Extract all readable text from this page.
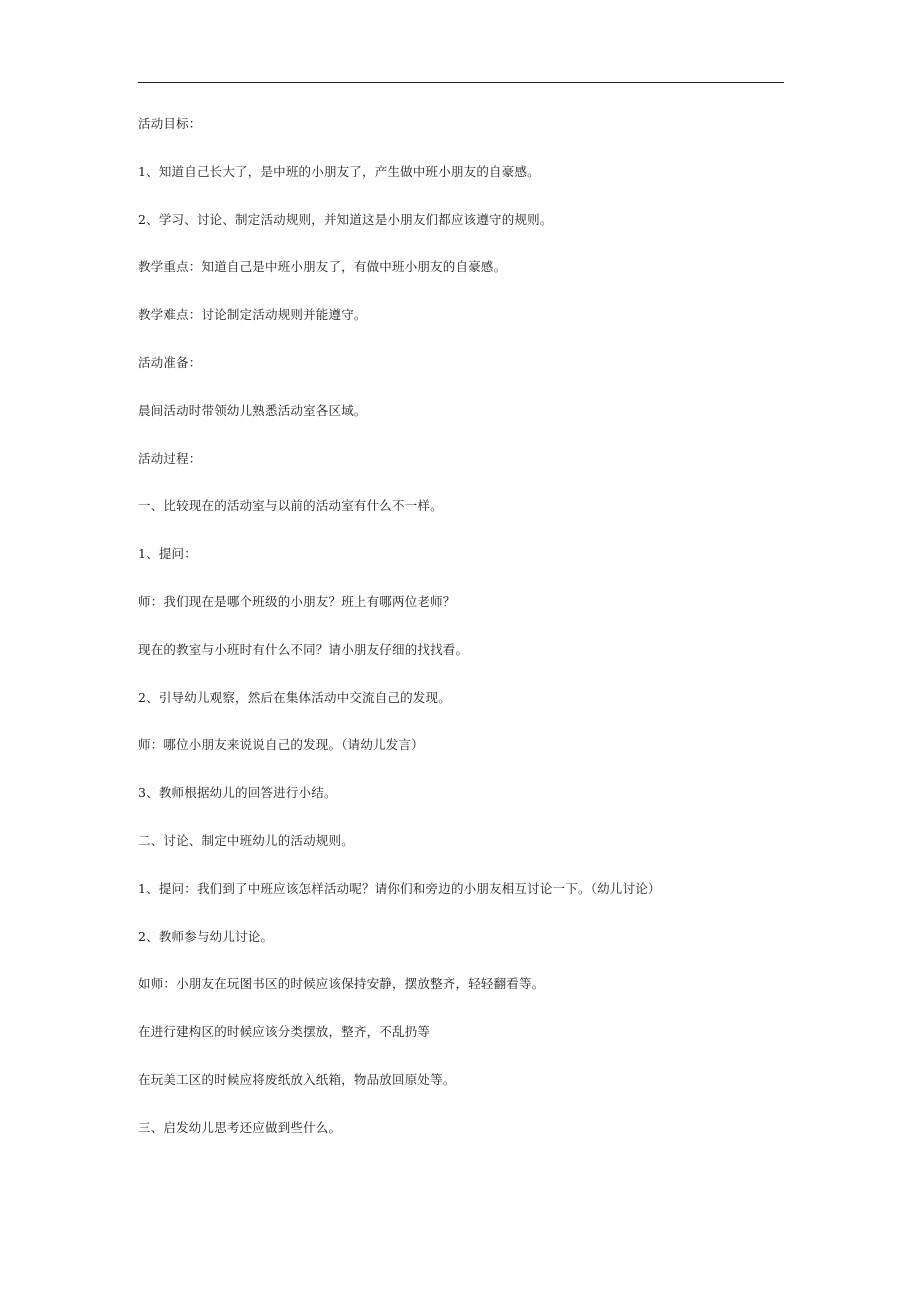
活动目标：

1、知道自己长大了，是中班的小朋友了，产生做中班小朋友的自豪感。

2、学习、讨论、制定活动规则，并知道这是小朋友们都应该遵守的规则。

教学重点：知道自己是中班小朋友了，有做中班小朋友的自豪感。

教学难点：讨论制定活动规则并能遵守。

活动准备：

晨间活动时带领幼儿熟悉活动室各区域。

活动过程：

一、比较现在的活动室与以前的活动室有什么不一样。

1、提问：

师：我们现在是哪个班级的小朋友？班上有哪两位老师？

现在的教室与小班时有什么不同？请小朋友仔细的找找看。

2、引导幼儿观察，然后在集体活动中交流自己的发现。

师：哪位小朋友来说说自己的发现。（请幼儿发言）

3、教师根据幼儿的回答进行小结。

二、讨论、制定中班幼儿的活动规则。

1、提问：我们到了中班应该怎样活动呢？请你们和旁边的小朋友相互讨论一下。（幼儿讨论）

2、教师参与幼儿讨论。

如师：小朋友在玩图书区的时候应该保持安静，摆放整齐，轻轻翻看等。

在进行建构区的时候应该分类摆放，整齐，不乱扔等

在玩美工区的时候应将废纸放入纸箱，物品放回原处等。

三、启发幼儿思考还应做到些什么。
